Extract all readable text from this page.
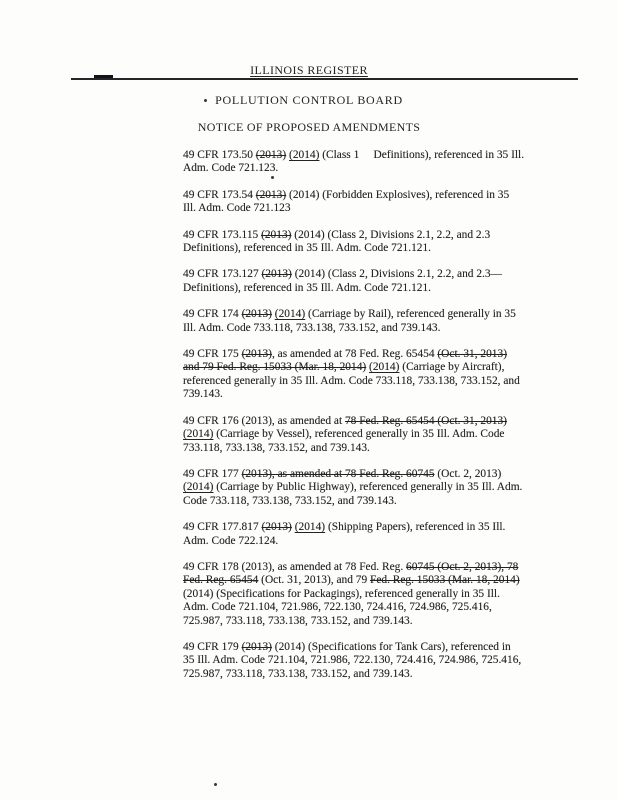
ILLINOIS REGISTER
POLLUTION CONTROL BOARD
NOTICE OF PROPOSED AMENDMENTS

49 CFR 173.50 (2013) (2014) (Class 1     Definitions), referenced in 35 Ill.
Adm. Code 721.123.

49 CFR 173.54 (2013) (2014) (Forbidden Explosives), referenced in 35
Ill. Adm. Code 721.123

49 CFR 173.115 (2013) (2014) (Class 2, Divisions 2.1, 2.2, and 2.3
Definitions), referenced in 35 Ill. Adm. Code 721.121.

49 CFR 173.127 (2013) (2014) (Class 2, Divisions 2.1, 2.2, and 2.3—
Definitions), referenced in 35 Ill. Adm. Code 721.121.

49 CFR 174 (2013) (2014) (Carriage by Rail), referenced generally in 35
Ill. Adm. Code 733.118, 733.138, 733.152, and 739.143.

49 CFR 175 (2013), as amended at 78 Fed. Reg. 65454 (Oct. 31, 2013)
and 79 Fed. Reg. 15033 (Mar. 18, 2014) (2014) (Carriage by Aircraft),
referenced generally in 35 Ill. Adm. Code 733.118, 733.138, 733.152, and
739.143.

49 CFR 176 (2013), as amended at 78 Fed. Reg. 65454 (Oct. 31, 2013)
(2014) (Carriage by Vessel), referenced generally in 35 Ill. Adm. Code
733.118, 733.138, 733.152, and 739.143.

49 CFR 177 (2013), as amended at 78 Fed. Reg. 60745 (Oct. 2, 2013)
(2014) (Carriage by Public Highway), referenced generally in 35 Ill. Adm.
Code 733.118, 733.138, 733.152, and 739.143.

49 CFR 177.817 (2013) (2014) (Shipping Papers), referenced in 35 Ill.
Adm. Code 722.124.

49 CFR 178 (2013), as amended at 78 Fed. Reg. 60745 (Oct. 2, 2013), 78
Fed. Reg. 65454 (Oct. 31, 2013), and 79 Fed. Reg. 15033 (Mar. 18, 2014)
(2014) (Specifications for Packagings), referenced generally in 35 Ill.
Adm. Code 721.104, 721.986, 722.130, 724.416, 724.986, 725.416,
725.987, 733.118, 733.138, 733.152, and 739.143.

49 CFR 179 (2013) (2014) (Specifications for Tank Cars), referenced in
35 Ill. Adm. Code 721.104, 721.986, 722.130, 724.416, 724.986, 725.416,
725.987, 733.118, 733.138, 733.152, and 739.143.
